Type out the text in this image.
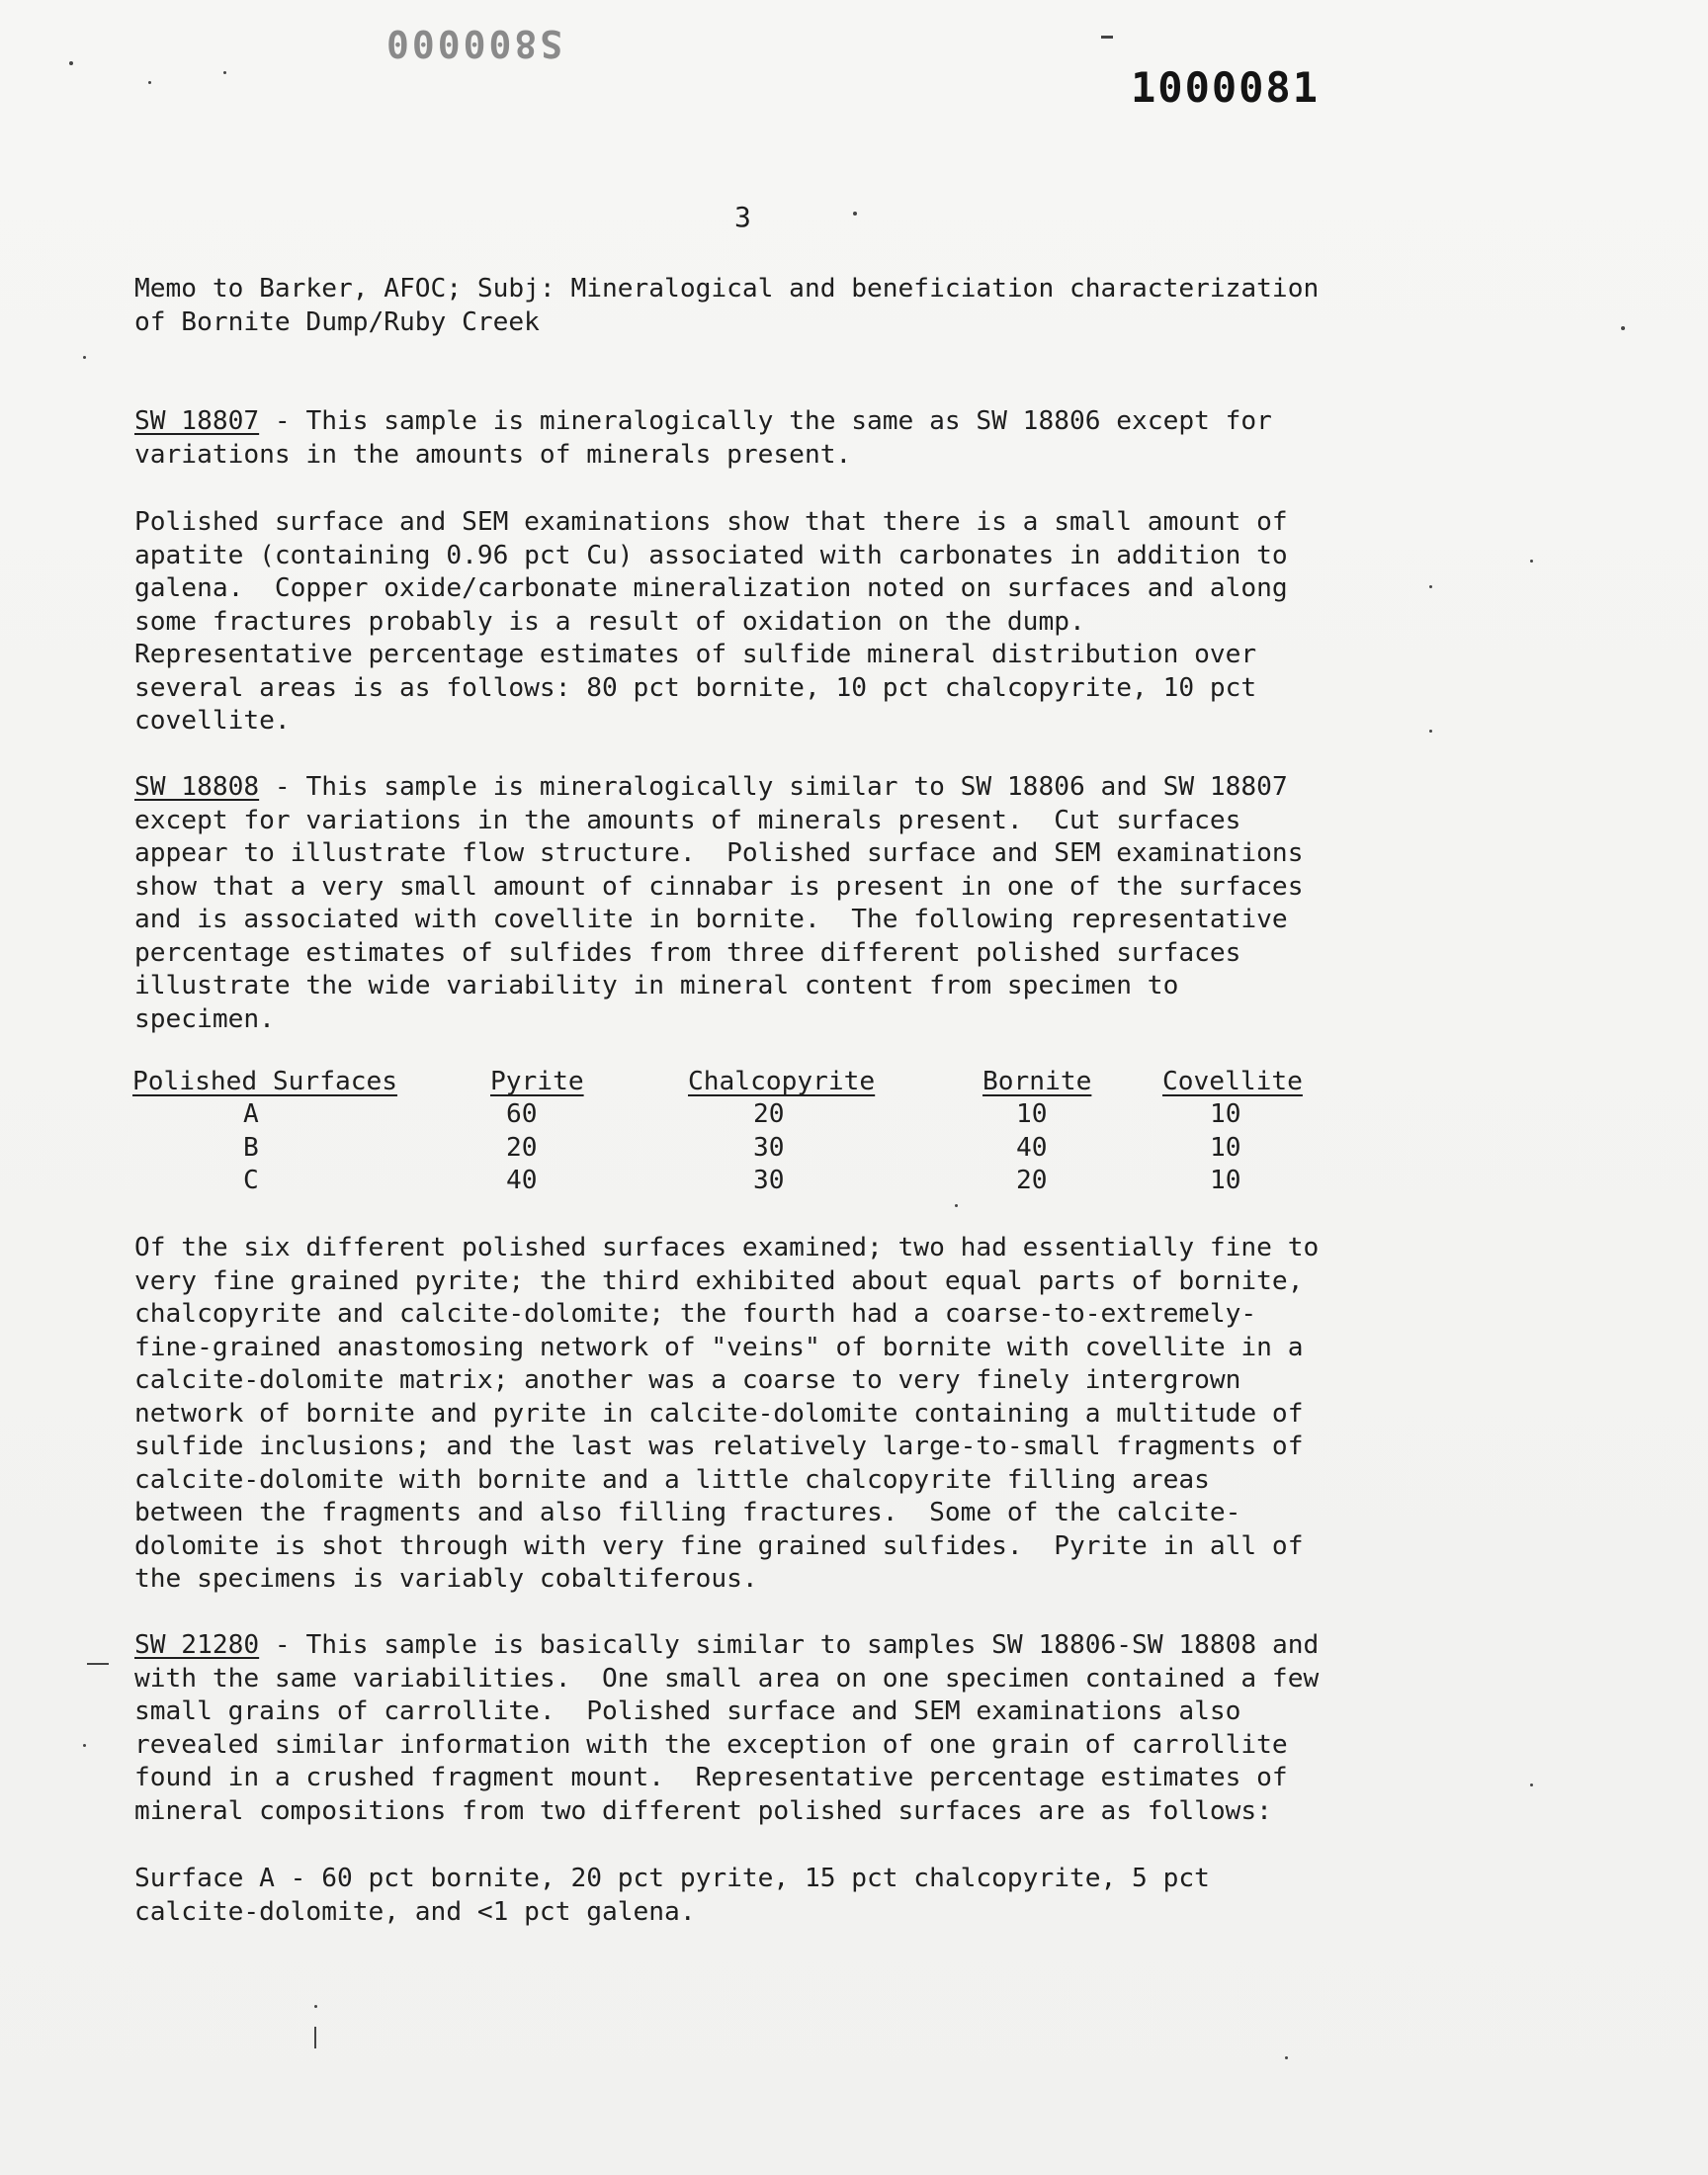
S800000
1000081
3
Memo to Barker, AFOC; Subj: Mineralogical and beneficiation characterization
of Bornite Dump/Ruby Creek
SW 18807 - This sample is mineralogically the same as SW 18806 except for
variations in the amounts of minerals present.
Polished surface and SEM examinations show that there is a small amount of
apatite (containing 0.96 pct Cu) associated with carbonates in addition to
galena.  Copper oxide/carbonate mineralization noted on surfaces and along
some fractures probably is a result of oxidation on the dump.
Representative percentage estimates of sulfide mineral distribution over
several areas is as follows: 80 pct bornite, 10 pct chalcopyrite, 10 pct
covellite.
SW 18808 - This sample is mineralogically similar to SW 18806 and SW 18807
except for variations in the amounts of minerals present.  Cut surfaces
appear to illustrate flow structure.  Polished surface and SEM examinations
show that a very small amount of cinnabar is present in one of the surfaces
and is associated with covellite in bornite.  The following representative
percentage estimates of sulfides from three different polished surfaces
illustrate the wide variability in mineral content from specimen to
specimen.
Polished Surfaces	Pyrite	Chalcopyrite	Bornite	Covellite
A	60	20	10	10
B	20	30	40	10
C	40	30	20	10
Of the six different polished surfaces examined; two had essentially fine to
very fine grained pyrite; the third exhibited about equal parts of bornite,
chalcopyrite and calcite-dolomite; the fourth had a coarse-to-extremely-
fine-grained anastomosing network of "veins" of bornite with covellite in a
calcite-dolomite matrix; another was a coarse to very finely intergrown
network of bornite and pyrite in calcite-dolomite containing a multitude of
sulfide inclusions; and the last was relatively large-to-small fragments of
calcite-dolomite with bornite and a little chalcopyrite filling areas
between the fragments and also filling fractures.  Some of the calcite-
dolomite is shot through with very fine grained sulfides.  Pyrite in all of
the specimens is variably cobaltiferous.
SW 21280 - This sample is basically similar to samples SW 18806-SW 18808 and
with the same variabilities.  One small area on one specimen contained a few
small grains of carrollite.  Polished surface and SEM examinations also
revealed similar information with the exception of one grain of carrollite
found in a crushed fragment mount.  Representative percentage estimates of
mineral compositions from two different polished surfaces are as follows:
Surface A - 60 pct bornite, 20 pct pyrite, 15 pct chalcopyrite, 5 pct
calcite-dolomite, and <1 pct galena.
